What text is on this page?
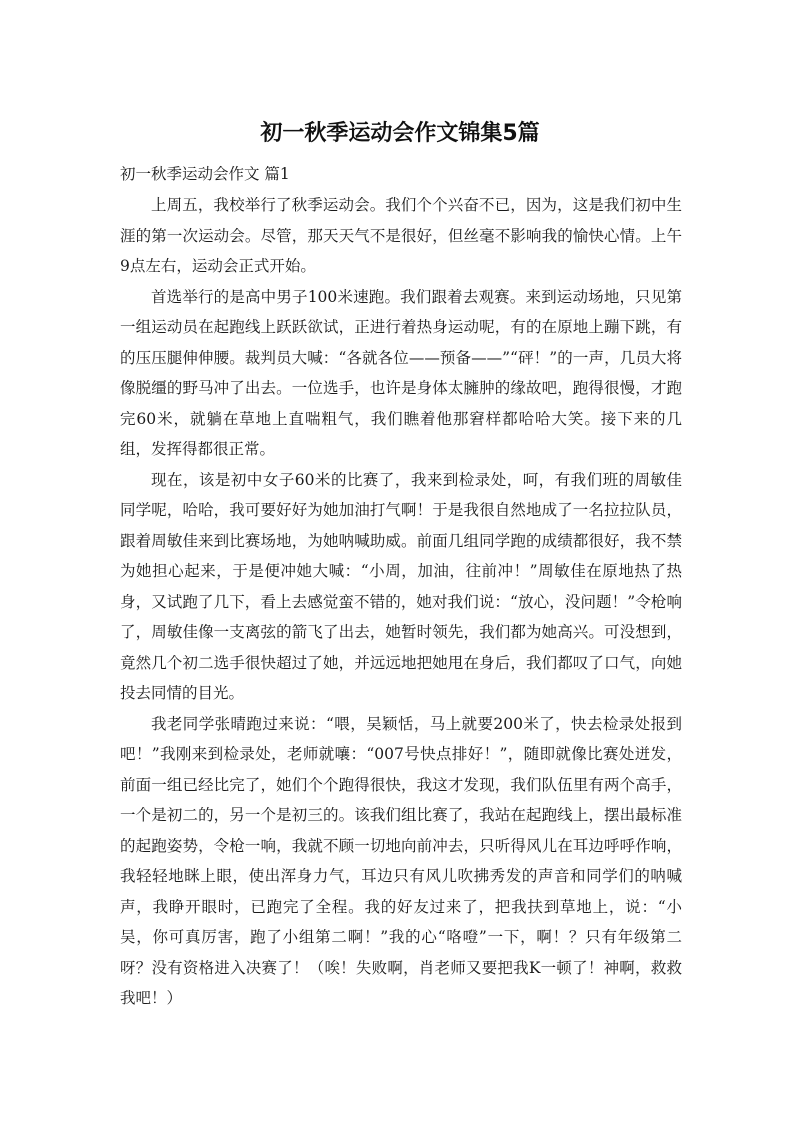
初一秋季运动会作文锦集5篇

初一秋季运动会作文 篇1

上周五，我校举行了秋季运动会。我们个个兴奋不已，因为，这是我们初中生涯的第一次运动会。尽管，那天天气不是很好，但丝毫不影响我的愉快心情。上午9点左右，运动会正式开始。

首选举行的是高中男子100米速跑。我们跟着去观赛。来到运动场地，只见第一组运动员在起跑线上跃跃欲试，正进行着热身运动呢，有的在原地上蹦下跳，有的压压腿伸伸腰。裁判员大喊：“各就各位——预备——”“砰！”的一声，几员大将像脱缰的野马冲了出去。一位选手，也许是身体太臃肿的缘故吧，跑得很慢，才跑完60米，就躺在草地上直喘粗气，我们瞧着他那窘样都哈哈大笑。接下来的几组，发挥得都很正常。

现在，该是初中女子60米的比赛了，我来到检录处，呵，有我们班的周敏佳同学呢，哈哈，我可要好好为她加油打气啊！于是我很自然地成了一名拉拉队员，跟着周敏佳来到比赛场地，为她呐喊助威。前面几组同学跑的成绩都很好，我不禁为她担心起来，于是便冲她大喊：“小周，加油，往前冲！”周敏佳在原地热了热身，又试跑了几下，看上去感觉蛮不错的，她对我们说：“放心，没问题！”令枪响了，周敏佳像一支离弦的箭飞了出去，她暂时领先，我们都为她高兴。可没想到，竟然几个初二选手很快超过了她，并远远地把她甩在身后，我们都叹了口气，向她投去同情的目光。

我老同学张晴跑过来说：“喂，吴颖恬，马上就要200米了，快去检录处报到吧！”我刚来到检录处，老师就嚷：“007号快点排好！”，随即就像比赛处迸发，前面一组已经比完了，她们个个跑得很快，我这才发现，我们队伍里有两个高手，一个是初二的，另一个是初三的。该我们组比赛了，我站在起跑线上，摆出最标准的起跑姿势，令枪一响，我就不顾一切地向前冲去，只听得风儿在耳边呼呼作响，我轻轻地眯上眼，使出浑身力气，耳边只有风儿吹拂秀发的声音和同学们的呐喊声，我睁开眼时，已跑完了全程。我的好友过来了，把我扶到草地上，说：“小吴，你可真厉害，跑了小组第二啊！”我的心“咯噔”一下，啊！？只有年级第二呀？没有资格进入决赛了！（唉！失败啊，肖老师又要把我K一顿了！神啊，救救我吧！）
